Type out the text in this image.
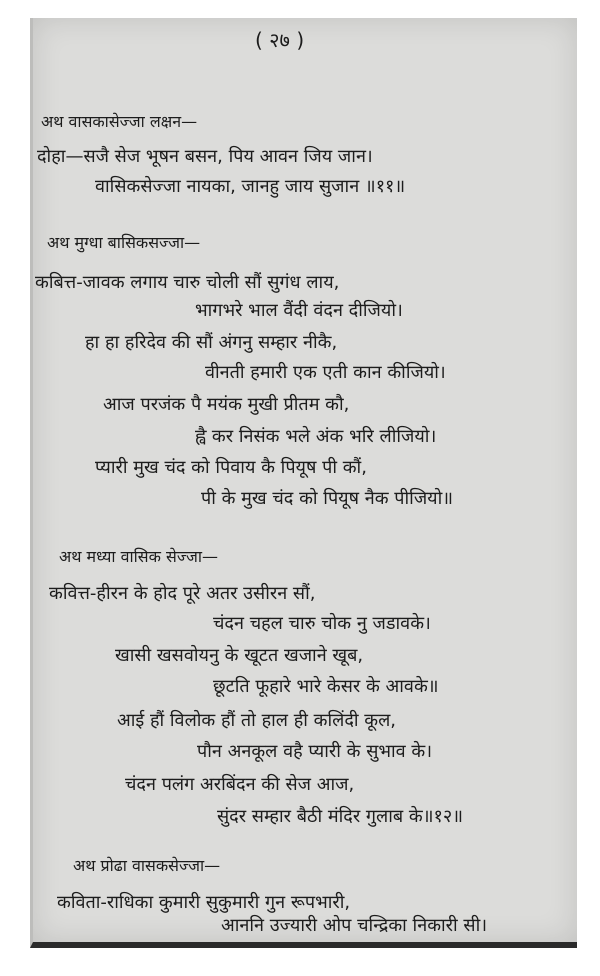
( २७ )
अथ वासकासेज्जा लक्षन—
दोहा—सजै सेज भूषन बसन, पिय आवन जिय जान।
वासिकसेज्जा नायका, जानहु जाय सुजान ॥११॥
अथ मुग्धा बासिकसज्जा—
कबित्त-जावक लगाय चारु चोली सौं सुगंध लाय,
भागभरे भाल वैंदी वंदन दीजियो।
हा हा हरिदेव की सौं अंगनु सम्हार नीकै,
वीनती हमारी एक एती कान कीजियो।
आज परजंक पै मयंक मुखी प्रीतम कौ,
ह्वै कर निसंक भले अंक भरि लीजियो।
प्यारी मुख चंद को पिवाय कै पियूष पी कौं,
पी के मुख चंद को पियूष नैक पीजियो॥
अथ मध्या वासिक सेज्जा—
कवित्त-हीरन के होद पूरे अतर उसीरन सौं,
चंदन चहल चारु चोक नु जडावके।
खासी खसवोयनु के खूटत खजाने खूब,
छूटति फूहारे भारे केसर के आवके॥
आई हौं विलोक हौं तो हाल ही कलिंदी कूल,
पौन अनकूल वहै प्यारी के सुभाव के।
चंदन पलंग अरबिंदन की सेज आज,
सुंदर सम्हार बैठी मंदिर गुलाब के॥१२॥
अथ प्रोढा वासकसेज्जा—
कविता-राधिका कुमारी सुकुमारी गुन रूपभारी,
आननि उज्यारी ओप चन्द्रिका निकारी सी।
